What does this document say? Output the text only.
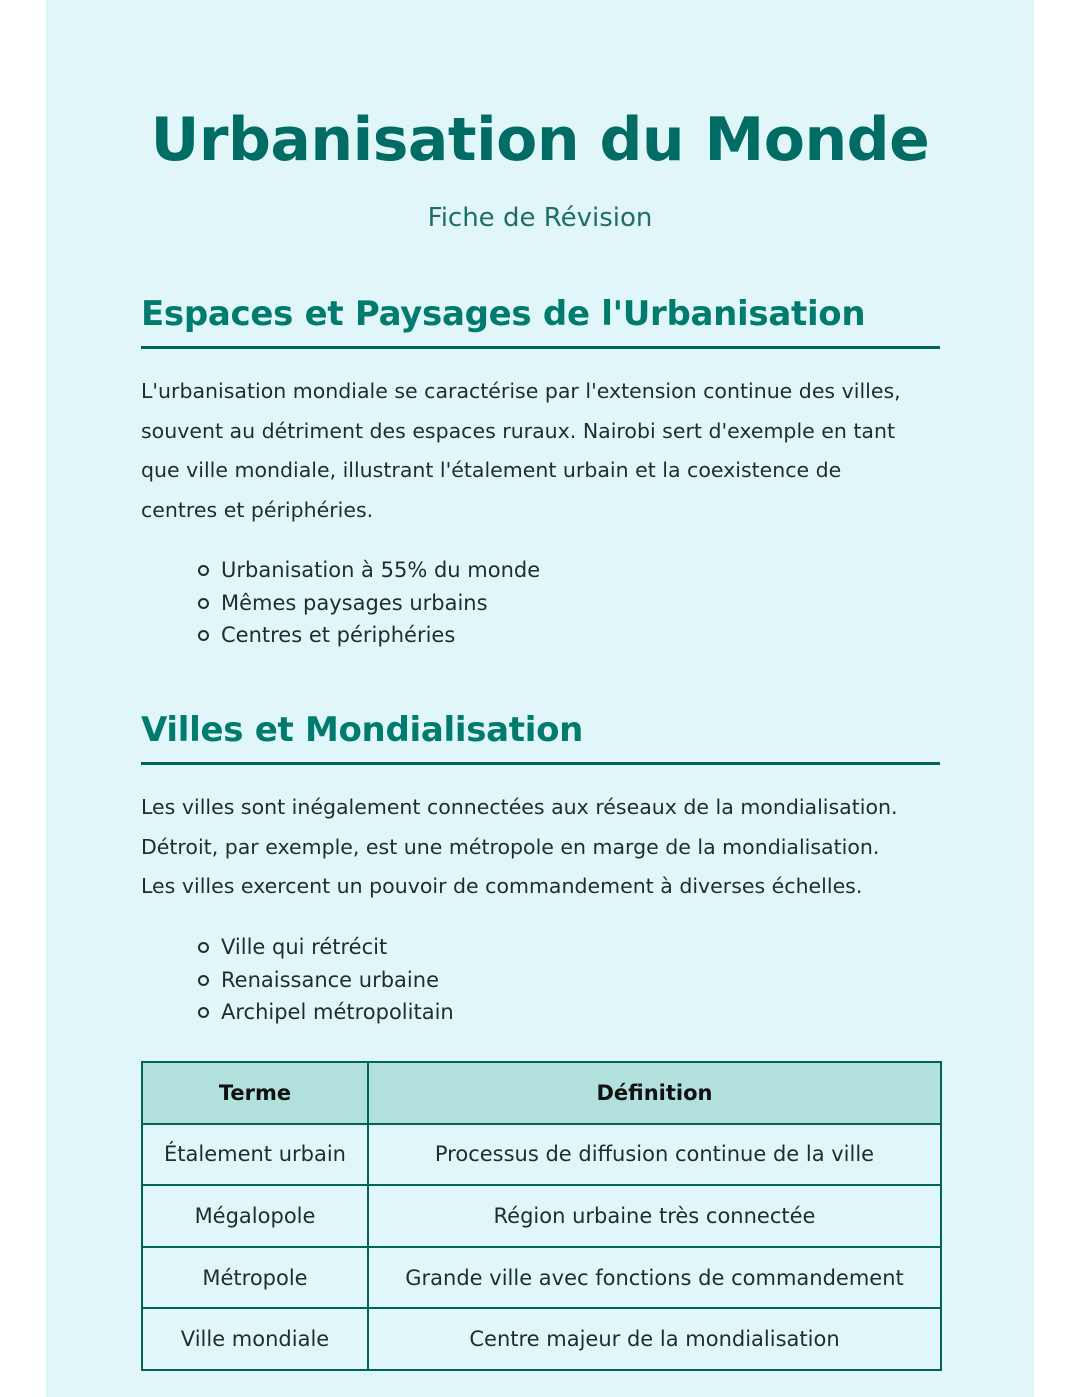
Urbanisation du Monde
Fiche de Révision
Espaces et Paysages de l'Urbanisation

L'urbanisation mondiale se caractérise par l'extension continue des villes,
souvent au détriment des espaces ruraux. Nairobi sert d'exemple en tant
que ville mondiale, illustrant l'étalement urbain et la coexistence de
centres et périphéries.

Urbanisation à 55% du monde
Mêmes paysages urbains
Centres et périphéries
Villes et Mondialisation

Les villes sont inégalement connectées aux réseaux de la mondialisation.
Détroit, par exemple, est une métropole en marge de la mondialisation.
Les villes exercent un pouvoir de commandement à diverses échelles.

Ville qui rétrécit
Renaissance urbaine
Archipel métropolitain
Terme	Définition
Étalement urbain	Processus de diffusion continue de la ville
Mégalopole	Région urbaine très connectée
Métropole	Grande ville avec fonctions de commandement
Ville mondiale	Centre majeur de la mondialisation
